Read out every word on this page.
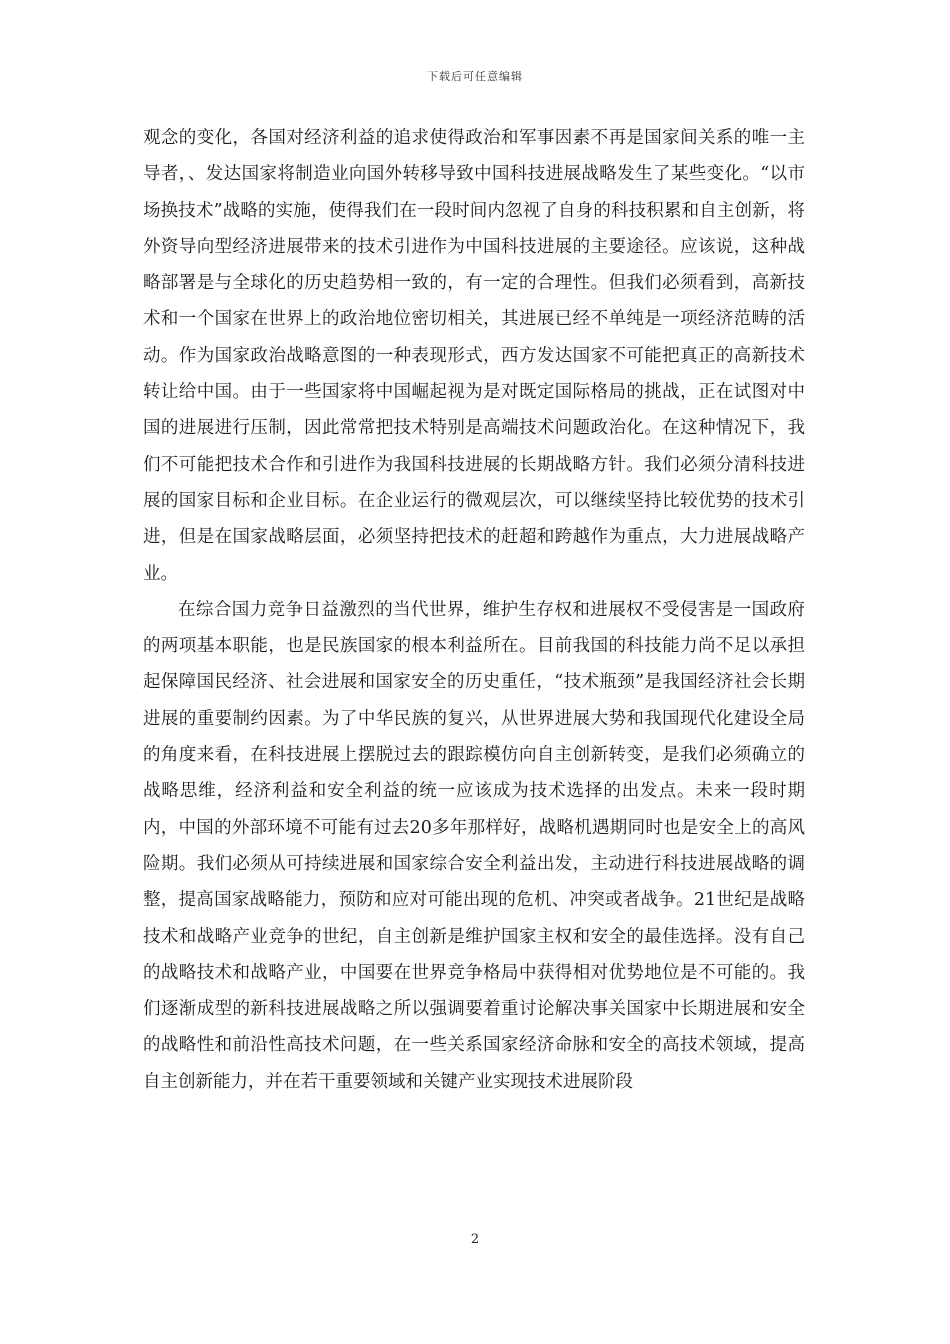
下载后可任意编辑

观念的变化，各国对经济利益的追求使得政治和军事因素不再是国家间关系的唯一主导者，、发达国家将制造业向国外转移导致中国科技进展战略发生了某些变化。“以市场换技术”战略的实施，使得我们在一段时间内忽视了自身的科技积累和自主创新，将外资导向型经济进展带来的技术引进作为中国科技进展的主要途径。应该说，这种战略部署是与全球化的历史趋势相一致的，有一定的合理性。但我们必须看到，高新技术和一个国家在世界上的政治地位密切相关，其进展已经不单纯是一项经济范畴的活动。作为国家政治战略意图的一种表现形式，西方发达国家不可能把真正的高新技术转让给中国。由于一些国家将中国崛起视为是对既定国际格局的挑战，正在试图对中国的进展进行压制，因此常常把技术特别是高端技术问题政治化。在这种情况下，我们不可能把技术合作和引进作为我国科技进展的长期战略方针。我们必须分清科技进展的国家目标和企业目标。在企业运行的微观层次，可以继续坚持比较优势的技术引进，但是在国家战略层面，必须坚持把技术的赶超和跨越作为重点，大力进展战略产业。

在综合国力竞争日益激烈的当代世界，维护生存权和进展权不受侵害是一国政府的两项基本职能，也是民族国家的根本利益所在。目前我国的科技能力尚不足以承担起保障国民经济、社会进展和国家安全的历史重任，“技术瓶颈”是我国经济社会长期进展的重要制约因素。为了中华民族的复兴，从世界进展大势和我国现代化建设全局的角度来看，在科技进展上摆脱过去的跟踪模仿向自主创新转变，是我们必须确立的战略思维，经济利益和安全利益的统一应该成为技术选择的出发点。未来一段时期内，中国的外部环境不可能有过去20多年那样好，战略机遇期同时也是安全上的高风险期。我们必须从可持续进展和国家综合安全利益出发，主动进行科技进展战略的调整，提高国家战略能力，预防和应对可能出现的危机、冲突或者战争。21世纪是战略技术和战略产业竞争的世纪，自主创新是维护国家主权和安全的最佳选择。没有自己的战略技术和战略产业，中国要在世界竞争格局中获得相对优势地位是不可能的。我们逐渐成型的新科技进展战略之所以强调要着重讨论解决事关国家中长期进展和安全的战略性和前沿性高技术问题，在一些关系国家经济命脉和安全的高技术领域，提高自主创新能力，并在若干重要领域和关键产业实现技术进展阶段

2
